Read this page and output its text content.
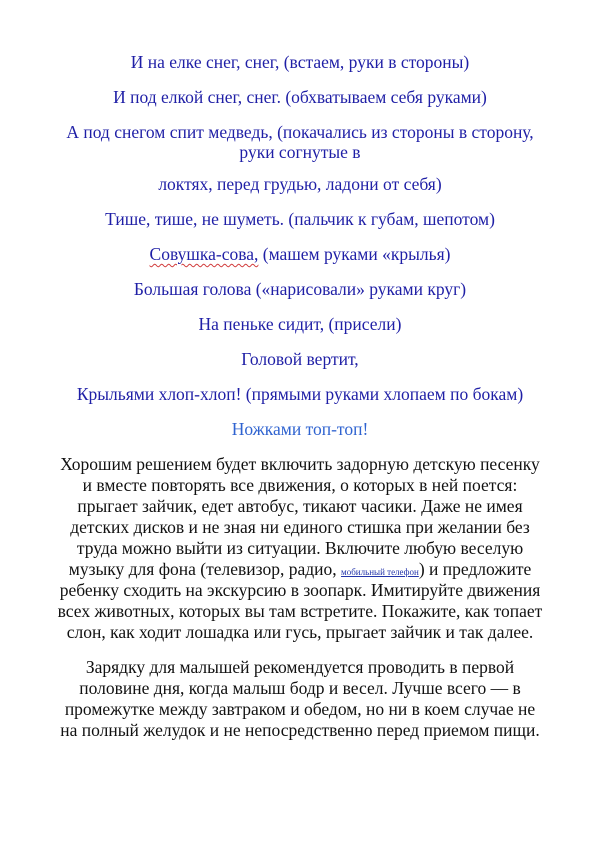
И на елке снег, снег, (встаем, руки в стороны)

И под елкой снег, снег. (обхватываем себя руками)

А под снегом спит медведь, (покачались из стороны в сторону, руки согнутые в

локтях, перед грудью, ладони от себя)

Тише, тише, не шуметь. (пальчик к губам, шепотом)

Совушка-сова, (машем руками «крылья)

Большая голова («нарисовали» руками круг)

На пеньке сидит, (присели)

Головой вертит,

Крыльями хлоп-хлоп! (прямыми руками хлопаем по бокам)

Ножками топ-топ!

Хорошим решением будет включить задорную детскую песенку и вместе повторять все движения, о которых в ней поется: прыгает зайчик, едет автобус, тикают часики. Даже не имея детских дисков и не зная ни единого стишка при желании без труда можно выйти из ситуации. Включите любую веселую музыку для фона (телевизор, радио, мобильный телефон) и предложите ребенку сходить на экскурсию в зоопарк. Имитируйте движения всех животных, которых вы там встретите. Покажите, как топает слон, как ходит лошадка или гусь, прыгает зайчик и так далее.

Зарядку для малышей рекомендуется проводить в первой половине дня, когда малыш бодр и весел. Лучше всего — в промежутке между завтраком и обедом, но ни в коем случае не на полный желудок и не непосредственно перед приемом пищи.
